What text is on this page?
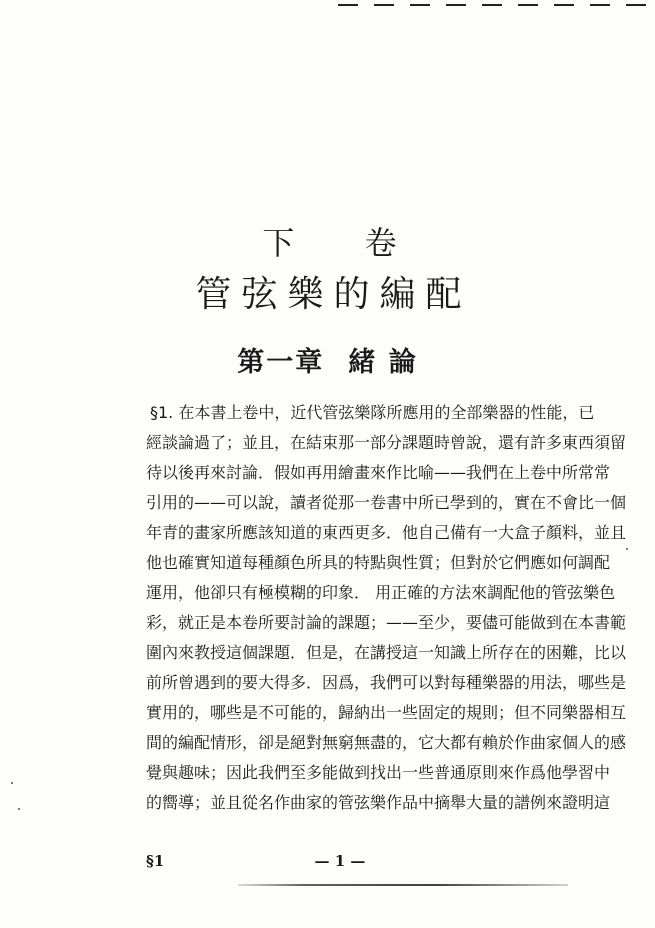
下 卷
管弦樂的編配
第一章 緒 論
§1. 在本書上卷中，近代管弦樂隊所應用的全部樂器的性能，已
經談論過了；並且，在結束那一部分課題時曾說，還有許多東西須留
待以後再來討論．假如再用繪畫來作比喻——我們在上卷中所常常
引用的——可以說，讀者從那一卷書中所已學到的，實在不會比一個
年青的畫家所應該知道的東西更多．他自己備有一大盒子顏料，並且
他也確實知道每種顏色所具的特點與性質；但對於它們應如何調配
運用，他卻只有極模糊的印象． 用正確的方法來調配他的管弦樂色
彩，就正是本卷所要討論的課題；——至少，要儘可能做到在本書範
圍內來教授這個課題．但是，在講授這一知識上所存在的困難，比以
前所曾遇到的要大得多．因爲，我們可以對每種樂器的用法，哪些是
實用的，哪些是不可能的，歸納出一些固定的規則；但不同樂器相互
間的編配情形，卻是絕對無窮無盡的，它大都有賴於作曲家個人的感
覺與趣味；因此我們至多能做到找出一些普通原則來作爲他學習中
的嚮導；並且從名作曲家的管弦樂作品中摘舉大量的譜例來證明這
§1	— 1 —
